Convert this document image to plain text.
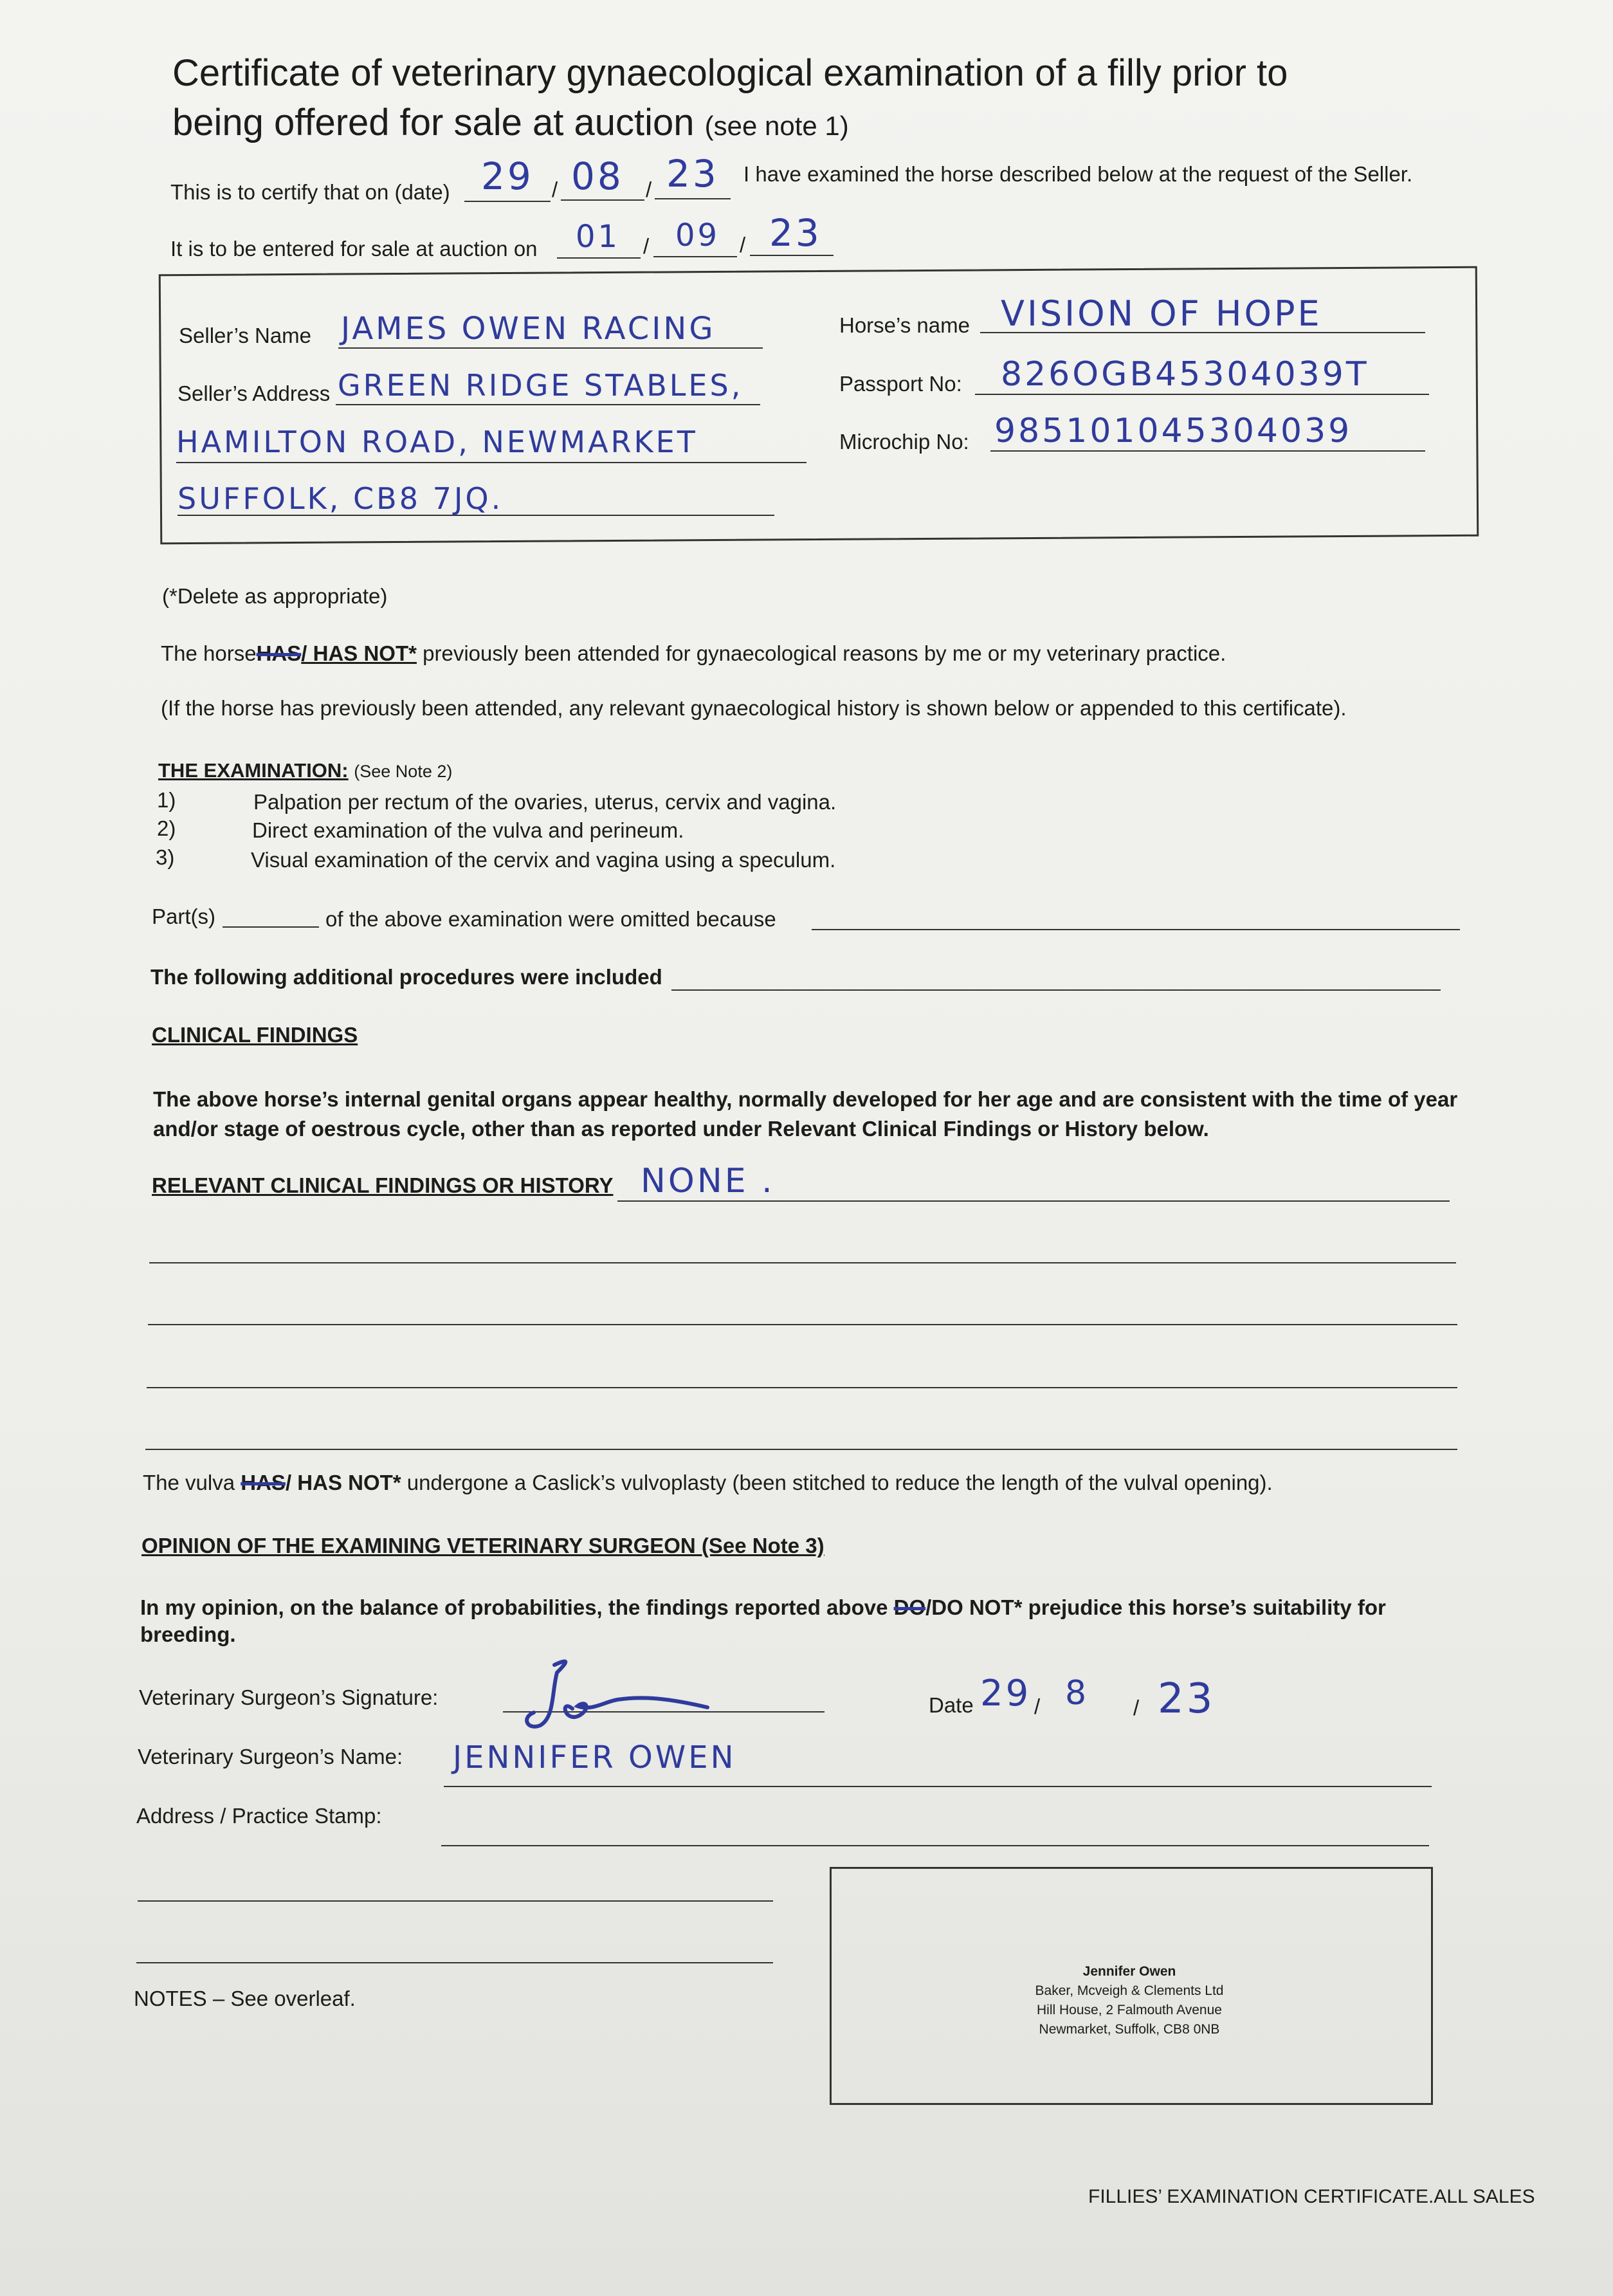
Certificate of veterinary gynaecological examination of a filly prior to
being offered for sale at auction (see note 1)
This is to certify that on (date) 29 / 08 / 23 I have examined the horse described below at the request of the Seller.
It is to be entered for sale at auction on 01 / 09 / 23
Seller’s Name JAMES OWEN RACING
Seller’s Address GREEN RIDGE STABLES,
HAMILTON ROAD, NEWMARKET
SUFFOLK, CB8 7JQ.
Horse’s name VISION OF HOPE
Passport No: 826OGB45304039T
Microchip No: 985101045304039
(*Delete as appropriate)
The horseHAS/ HAS NOT* previously been attended for gynaecological reasons by me or my veterinary practice.
(If the horse has previously been attended, any relevant gynaecological history is shown below or appended to this certificate).
THE EXAMINATION: (See Note 2)
1)	Palpation per rectum of the ovaries, uterus, cervix and vagina.
2)	Direct examination of the vulva and perineum.
3)	Visual examination of the cervix and vagina using a speculum.
Part(s)	of the above examination were omitted because
The following additional procedures were included
CLINICAL FINDINGS
The above horse’s internal genital organs appear healthy, normally developed for her age and are consistent with the time of year
and/or stage of oestrous cycle, other than as reported under Relevant Clinical Findings or History below.
RELEVANT CLINICAL FINDINGS OR HISTORY NONE .
The vulva HAS/ HAS NOT* undergone a Caslick’s vulvoplasty (been stitched to reduce the length of the vulval opening).
OPINION OF THE EXAMINING VETERINARY SURGEON (See Note 3)
In my opinion, on the balance of probabilities, the findings reported above DO/DO NOT* prejudice this horse’s suitability for
breeding.
Veterinary Surgeon’s Signature:	Date 29 / 8 / 23
Veterinary Surgeon’s Name: JENNIFER OWEN
Address / Practice Stamp:
Jennifer Owen
Baker, Mcveigh & Clements Ltd
Hill House, 2 Falmouth Avenue
Newmarket, Suffolk, CB8 0NB
NOTES – See overleaf.
FILLIES’ EXAMINATION CERTIFICATE.ALL SALES
